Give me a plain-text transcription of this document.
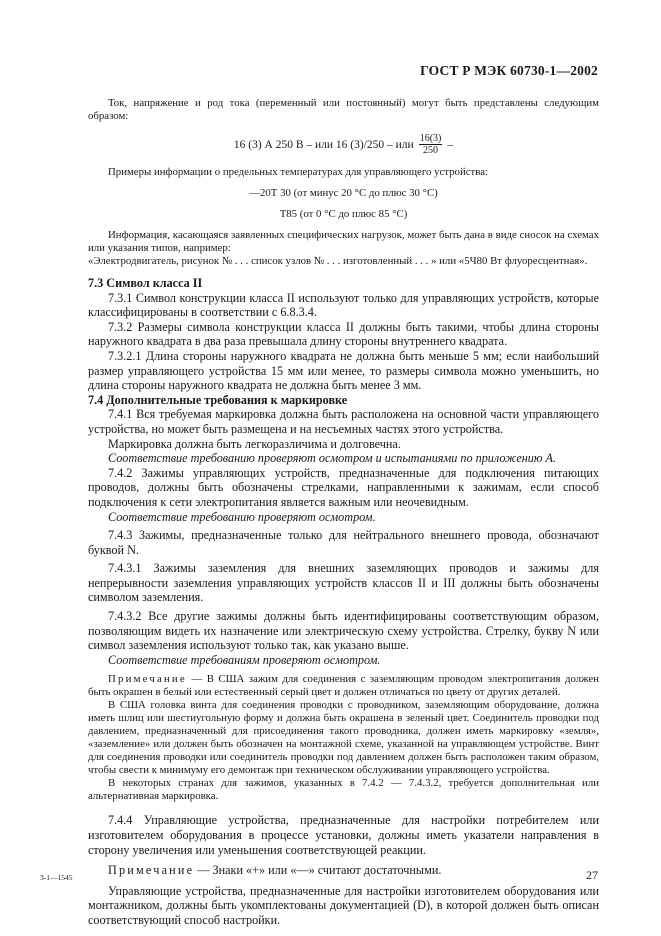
ГОСТ Р МЭК 60730-1—2002

Ток, напряжение и род тока (переменный или постоянный) могут быть представлены следующим образом:

16 (3) А 250 В – или 16 (3)/250 – или $\frac{16(3)}{250}$ –

Примеры информации о предельных температурах для управляющего устройства:

—20Т 30 (от минус 20 °С до плюс 30 °С)

Т85 (от 0 °С до плюс 85 °С)

Информация, касающаяся заявленных специфических нагрузок, может быть дана в виде сносок на схемах или указания типов, например:

«Электродвигатель, рисунок № . . . список узлов № . . . изготовленный . . . » или «5Ч80 Вт флуоресцентная».

7.3 Символ класса II

7.3.1 Символ конструкции класса II используют только для управляющих устройств, которые классифицированы в соответствии с 6.8.3.4.

7.3.2 Размеры символа конструкции класса II должны быть такими, чтобы длина стороны наружного квадрата в два раза превышала длину стороны внутреннего квадрата.

7.3.2.1 Длина стороны наружного квадрата не должна быть меньше 5 мм; если наибольший размер управляющего устройства 15 мм или менее, то размеры символа можно уменьшить, но длина стороны наружного квадрата не должна быть менее 3 мм.

7.4 Дополнительные требования к маркировке

7.4.1 Вся требуемая маркировка должна быть расположена на основной части управляющего устройства, но может быть размещена и на несъемных частях этого устройства.

Маркировка должна быть легкоразличима и долговечна.

Соответствие требованию проверяют осмотром и испытаниями по приложению А.

7.4.2 Зажимы управляющих устройств, предназначенные для подключения питающих проводов, должны быть обозначены стрелками, направленными к зажимам, если способ подключения к сети электропитания является важным или неочевидным.

Соответствие требованию проверяют осмотром.

7.4.3 Зажимы, предназначенные только для нейтрального внешнего провода, обозначают буквой N.

7.4.3.1 Зажимы заземления для внешних заземляющих проводов и зажимы для непрерывности заземления управляющих устройств классов II и III должны быть обозначены символом заземления.

7.4.3.2 Все другие зажимы должны быть идентифицированы соответствующим образом, позволяющим видеть их назначение или электрическую схему устройства. Стрелку, букву N или символ заземления используют только так, как указано выше.

Соответствие требованиям проверяют осмотром.

Примечание — В США зажим для соединения с заземляющим проводом электропитания должен быть окрашен в белый или естественный серый цвет и должен отличаться по цвету от других деталей.

В США головка винта для соединения проводки с проводником, заземляющим оборудование, должна иметь шлиц или шестиугольную форму и должна быть окрашена в зеленый цвет. Соединитель проводки под давлением, предназначенный для присоединения такого проводника, должен иметь маркировку «земля», «заземление» или должен быть обозначен на монтажной схеме, указанной на управляющем устройстве. Винт для соединения проводки или соединитель проводки под давлением должен быть расположен таким образом, чтобы свести к минимуму его демонтаж при техническом обслуживании управляющего устройства.

В некоторых странах для зажимов, указанных в 7.4.2 — 7.4.3.2, требуется дополнительная или альтернативная маркировка.

7.4.4 Управляющие устройства, предназначенные для настройки потребителем или изготовителем оборудования в процессе установки, должны иметь указатели направления в сторону увеличения или уменьшения соответствующей реакции.

Примечание — Знаки «+» или «—» считают достаточными.

Управляющие устройства, предназначенные для настройки изготовителем оборудования или монтажником, должны быть укомплектованы документацией (D), в которой должен быть описан соответствующий способ настройки.

3-1—1545	27
